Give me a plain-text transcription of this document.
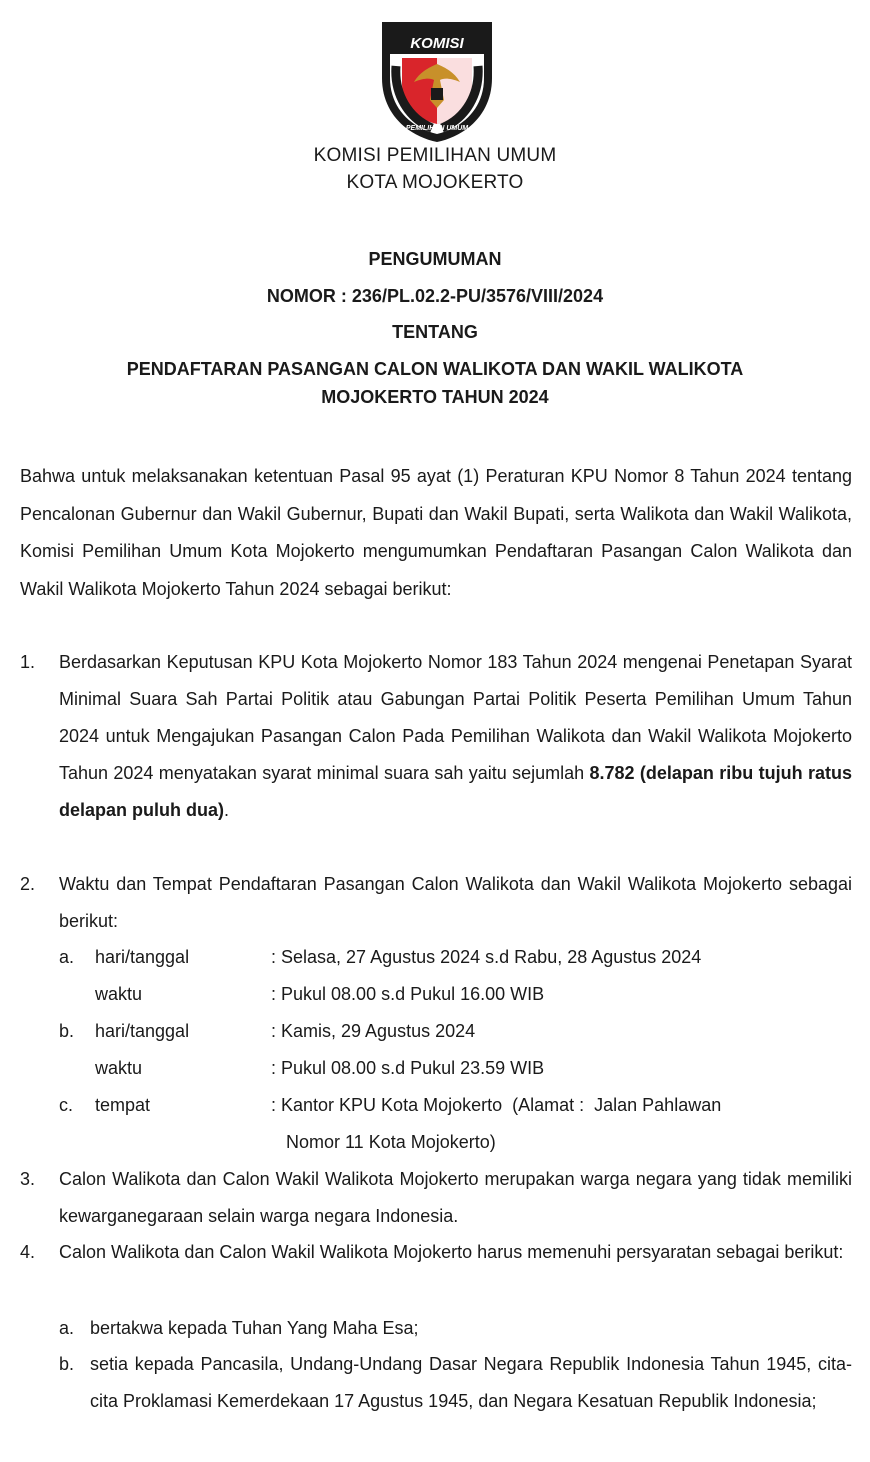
KOMISI
PEMILIHAN UMUM
KOMISI PEMILIHAN UMUM
KOTA MOJOKERTO
PENGUMUMAN
NOMOR : 236/PL.02.2-PU/3576/VIII/2024
TENTANG
PENDAFTARAN PASANGAN CALON WALIKOTA DAN WAKIL WALIKOTA
MOJOKERTO TAHUN 2024
Bahwa untuk melaksanakan ketentuan Pasal 95 ayat (1) Peraturan KPU Nomor 8 Tahun 2024 tentang Pencalonan Gubernur dan Wakil Gubernur, Bupati dan Wakil Bupati, serta Walikota dan Wakil Walikota, Komisi Pemilihan Umum Kota Mojokerto mengumumkan Pendaftaran Pasangan Calon Walikota dan Wakil Walikota Mojokerto Tahun 2024 sebagai berikut:
1. Berdasarkan Keputusan KPU Kota Mojokerto Nomor 183 Tahun 2024 mengenai Penetapan Syarat Minimal Suara Sah Partai Politik atau Gabungan Partai Politik Peserta Pemilihan Umum Tahun 2024 untuk Mengajukan Pasangan Calon Pada Pemilihan Walikota dan Wakil Walikota Mojokerto Tahun 2024 menyatakan syarat minimal suara sah yaitu sejumlah 8.782 (delapan ribu tujuh ratus delapan puluh dua).
2. Waktu dan Tempat Pendaftaran Pasangan Calon Walikota dan Wakil Walikota Mojokerto sebagai berikut:
a. hari/tanggal	: Selasa, 27 Agustus 2024 s.d Rabu, 28 Agustus 2024
waktu	: Pukul 08.00 s.d Pukul 16.00 WIB
b. hari/tanggal	: Kamis, 29 Agustus 2024
waktu	: Pukul 08.00 s.d Pukul 23.59 WIB
c. tempat	: Kantor KPU Kota Mojokerto  (Alamat :  Jalan Pahlawan
Nomor 11 Kota Mojokerto)
3. Calon Walikota dan Calon Wakil Walikota Mojokerto merupakan warga negara yang tidak memiliki kewarganegaraan selain warga negara Indonesia.
4. Calon Walikota dan Calon Wakil Walikota Mojokerto harus memenuhi persyaratan sebagai berikut:
a. bertakwa kepada Tuhan Yang Maha Esa;
b. setia kepada Pancasila, Undang-Undang Dasar Negara Republik Indonesia Tahun 1945, cita-cita Proklamasi Kemerdekaan 17 Agustus 1945, dan Negara Kesatuan Republik Indonesia;
